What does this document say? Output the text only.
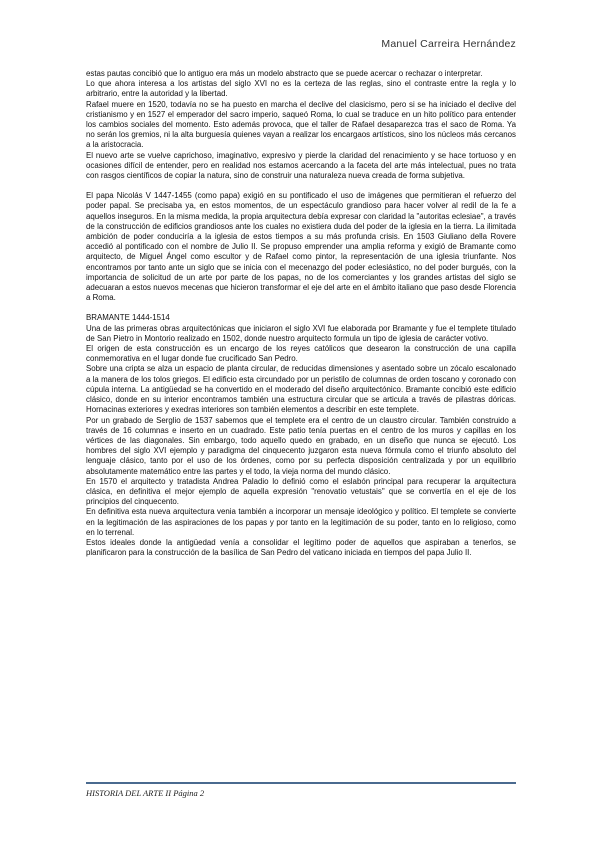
Manuel Carreira Hernández

estas pautas concibió que lo antiguo era más un modelo abstracto que se puede acercar o rechazar o interpretar.

Lo que ahora interesa a los artistas del siglo XVI no es la certeza de las reglas, sino el contraste entre la regla y lo arbitrario, entre la autoridad y la libertad.

Rafael muere en 1520, todavía no se ha puesto en marcha el declive del clasicismo, pero si se ha iniciado el declive del cristianismo y en 1527 el emperador del sacro imperio, saqueó Roma, lo cual se traduce en un hito político para entender los cambios sociales del momento. Esto además provoca, que el taller de Rafael desaparezca tras el saco de Roma. Ya no serán los gremios, ni la alta burguesía quienes vayan a realizar los encargaos artísticos, sino los núcleos más cercanos a la aristocracia.

El nuevo arte se vuelve caprichoso, imaginativo, expresivo y pierde la claridad del renacimiento y se hace tortuoso y en ocasiones difícil de entender, pero en realidad nos estamos acercando a la faceta del arte más intelectual, pues no trata con rasgos científicos de copiar la natura, sino de construir una naturaleza nueva creada de forma subjetiva.

El papa Nicolás V 1447-1455 (como papa) exigió en su pontificado el uso de imágenes que permitieran el refuerzo del poder papal. Se precisaba ya, en estos momentos, de un espectáculo grandioso para hacer volver al redil de la fe a aquellos inseguros. En la misma medida, la propia arquitectura debía expresar con claridad la "autoritas eclesiae", a través de la construcción de edificios grandiosos ante los cuales no existiera duda del poder de la iglesia en la tierra. La ilimitada ambición de poder conduciría a la iglesia de estos tiempos a su más profunda crisis. En 1503 Giuliano della Rovere accedió al pontificado con el nombre de Julio II. Se propuso emprender una amplia reforma y exigió de Bramante como arquitecto, de Miguel Ángel como escultor y de Rafael como pintor, la representación de una iglesia triunfante. Nos encontramos por tanto ante un siglo que se inicia con el mecenazgo del poder eclesiástico, no del poder burgués, con la importancia de solicitud de un arte por parte de los papas, no de los comerciantes y los grandes artistas del siglo se adecuaran a estos nuevos mecenas que hicieron transformar el eje del arte en el ámbito italiano que paso desde Florencia a Roma.

BRAMANTE 1444-1514

Una de las primeras obras arquitectónicas que iniciaron el siglo XVI fue elaborada por Bramante y fue el templete titulado de San Pietro in Montorio realizado en 1502, donde nuestro arquitecto formula un tipo de iglesia de carácter votivo.

El origen de esta construcción es un encargo de los reyes católicos que desearon la construcción de una capilla conmemorativa en el lugar donde fue crucificado San Pedro.

Sobre una cripta se alza un espacio de planta circular, de reducidas dimensiones y asentado sobre un zócalo escalonado a la manera de los tolos griegos. El edificio esta circundado por un peristilo de columnas de orden toscano y coronado con cúpula interna. La antigüedad se ha convertido en el moderado del diseño arquitectónico. Bramante concibió este edificio clásico, donde en su interior encontramos también una estructura circular que se articula a través de pilastras dóricas. Hornacinas exteriores y exedras interiores son también elementos a describir en este templete.

Por un grabado de Serglio de 1537 sabemos que el templete era el centro de un claustro circular. También construido a través de 16 columnas e inserto en un cuadrado. Este patio tenía puertas en el centro de los muros y capillas en los vértices de las diagonales. Sin embargo, todo aquello quedo en grabado, en un diseño que nunca se ejecutó. Los hombres del siglo XVI ejemplo y paradigma del cinquecento juzgaron esta nueva fórmula como el triunfo absoluto del lenguaje clásico, tanto por el uso de los órdenes, como por su perfecta disposición centralizada y por un equilibrio absolutamente matemático entre las partes y el todo, la vieja norma del mundo clásico.

En 1570 el arquitecto y tratadista Andrea Paladio lo definió como el eslabón principal para recuperar la arquitectura clásica, en definitiva el mejor ejemplo de aquella expresión "renovatio vetustais" que se convertía en el eje de los principios del cinquecento.

En definitiva esta nueva arquitectura venia también a incorporar un mensaje ideológico y político. El templete se convierte en la legitimación de las aspiraciones de los papas y por tanto en la legitimación de su poder, tanto en lo religioso, como en lo terrenal.

Estos ideales donde la antigüedad venía a consolidar el legítimo poder de aquellos que aspiraban a tenerlos, se planificaron para la construcción de la basílica de San Pedro del vaticano iniciada en tiempos del papa Julio II.

HISTORIA DEL ARTE II Página 2
